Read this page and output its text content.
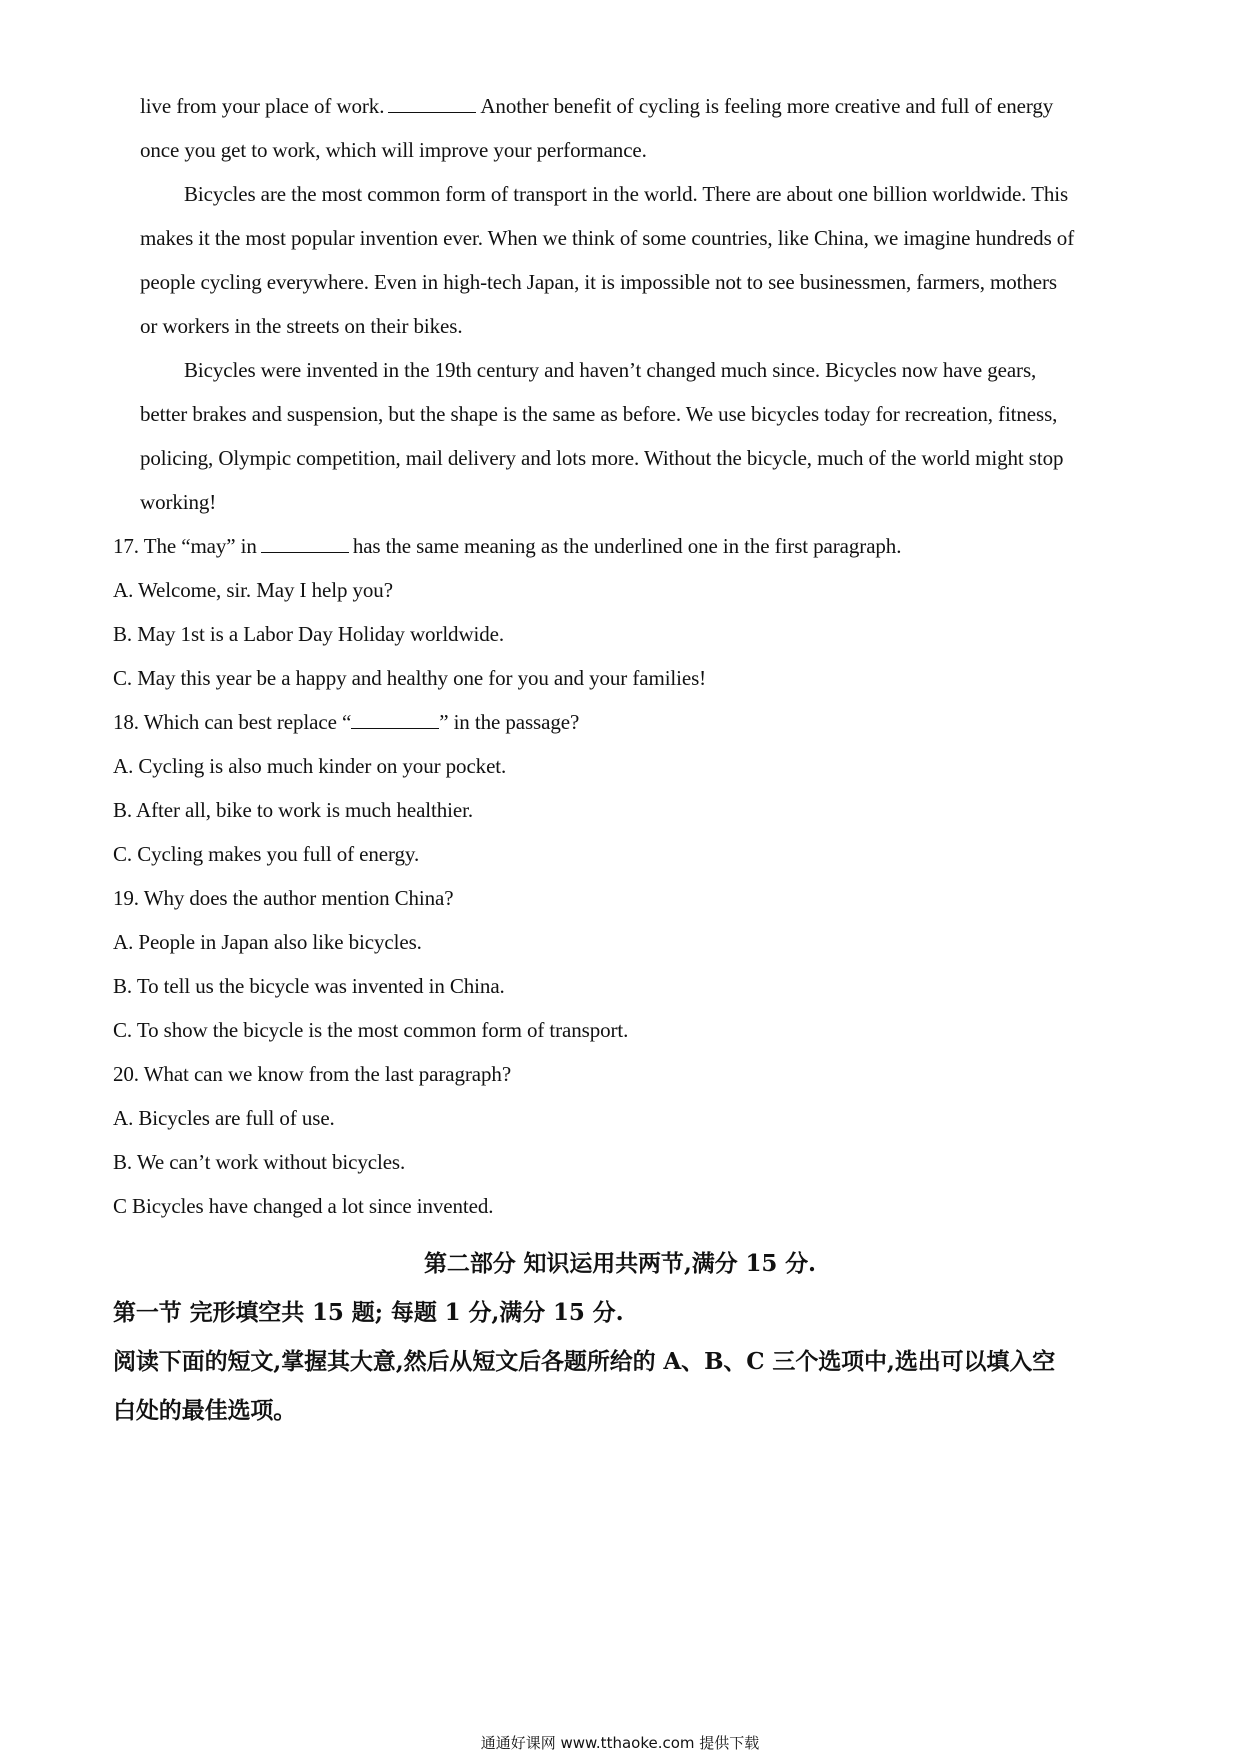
live from your place of work.	Another benefit of cycling is feeling more creative and full of energy
once you get to work, which will improve your performance.
Bicycles are the most common form of transport in the world. There are about one billion worldwide. This
makes it the most popular invention ever. When we think of some countries, like China, we imagine hundreds of
people cycling everywhere. Even in high-tech Japan, it is impossible not to see businessmen, farmers, mothers
or workers in the streets on their bikes.
Bicycles were invented in the 19th century and haven’t changed much since. Bicycles now have gears,
better brakes and suspension, but the shape is the same as before. We use bicycles today for recreation, fitness,
policing, Olympic competition, mail delivery and lots more. Without the bicycle, much of the world might stop
working!
17. The “may” in	has the same meaning as the underlined one in the first paragraph.
A. Welcome, sir. May I help you?
B. May 1st is a Labor Day Holiday worldwide.
C. May this year be a happy and healthy one for you and your families!
18. Which can best replace “	” in the passage?
A. Cycling is also much kinder on your pocket.
B. After all, bike to work is much healthier.
C. Cycling makes you full of energy.
19. Why does the author mention China?
A. People in Japan also like bicycles.
B. To tell us the bicycle was invented in China.
C. To show the bicycle is the most common form of transport.
20. What can we know from the last paragraph?
A. Bicycles are full of use.
B. We can’t work without bicycles.
C Bicycles have changed a lot since invented.
第二部分 知识运用共两节,满分 15 分.
第一节 完形填空共 15 题; 每题 1 分,满分 15 分.
阅读下面的短文,掌握其大意,然后从短文后各题所给的 A、B、C 三个选项中,选出可以填入空
白处的最佳选项。
通通好课网 www.tthaoke.com 提供下载
